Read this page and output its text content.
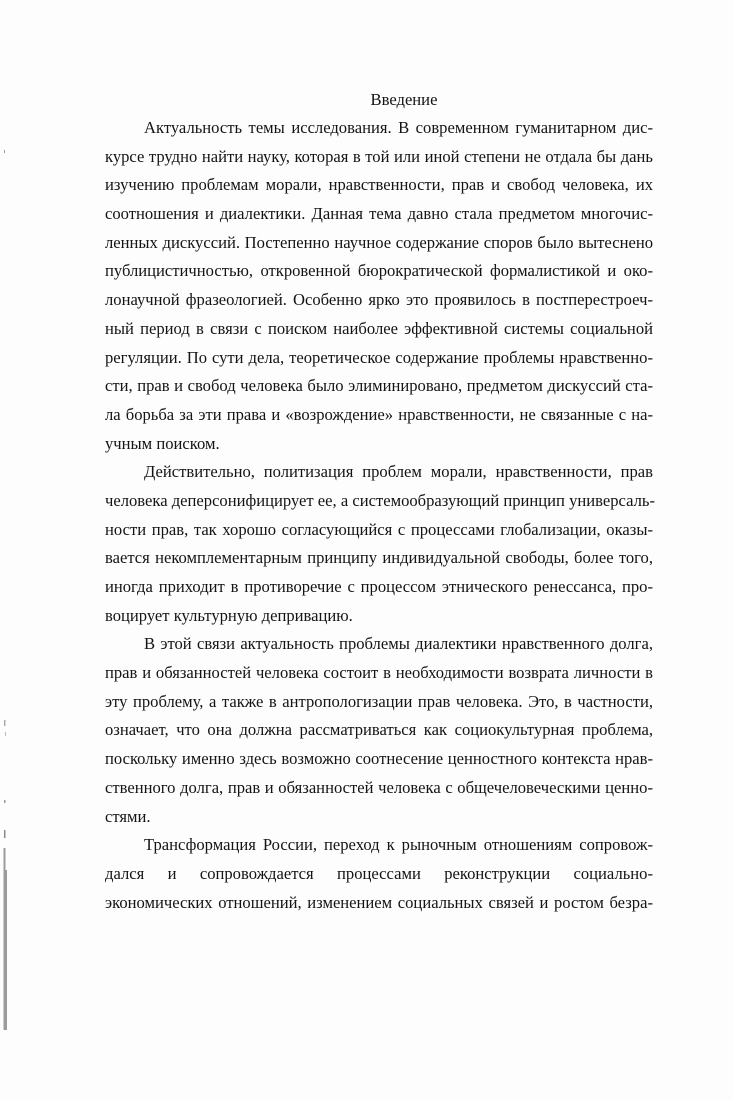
Введение
Актуальность темы исследования. В современном гуманитарном дис-
курсе трудно найти науку, которая в той или иной степени не отдала бы дань
изучению проблемам морали, нравственности, прав и свобод человека, их
соотношения и диалектики. Данная тема давно стала предметом многочис-
ленных дискуссий. Постепенно научное содержание споров было вытеснено
публицистичностью, откровенной бюрократической формалистикой и око-
лонаучной фразеологией. Особенно ярко это проявилось в постперестроеч-
ный период в связи с поиском наиболее эффективной системы социальной
регуляции. По сути дела, теоретическое содержание проблемы нравственно-
сти, прав и свобод человека было элиминировано, предметом дискуссий ста-
ла борьба за эти права и «возрождение» нравственности, не связанные с на-
учным поиском.
Действительно, политизация проблем морали, нравственности, прав
человека деперсонифицирует ее, а системообразующий принцип универсаль-
ности прав, так хорошо согласующийся с процессами глобализации, оказы-
вается некомплементарным принципу индивидуальной свободы, более того,
иногда приходит в противоречие с процессом этнического ренессанса, про-
воцирует культурную депривацию.
В этой связи актуальность проблемы диалектики нравственного долга,
прав и обязанностей человека состоит в необходимости возврата личности в
эту проблему, а также в антропологизации прав человека. Это, в частности,
означает, что она должна рассматриваться как социокультурная проблема,
поскольку именно здесь возможно соотнесение ценностного контекста нрав-
ственного долга, прав и обязанностей человека с общечеловеческими ценно-
стями.
Трансформация России, переход к рыночным отношениям сопровож-
дался и сопровождается процессами реконструкции социально-
экономических отношений, изменением социальных связей и ростом безра-
